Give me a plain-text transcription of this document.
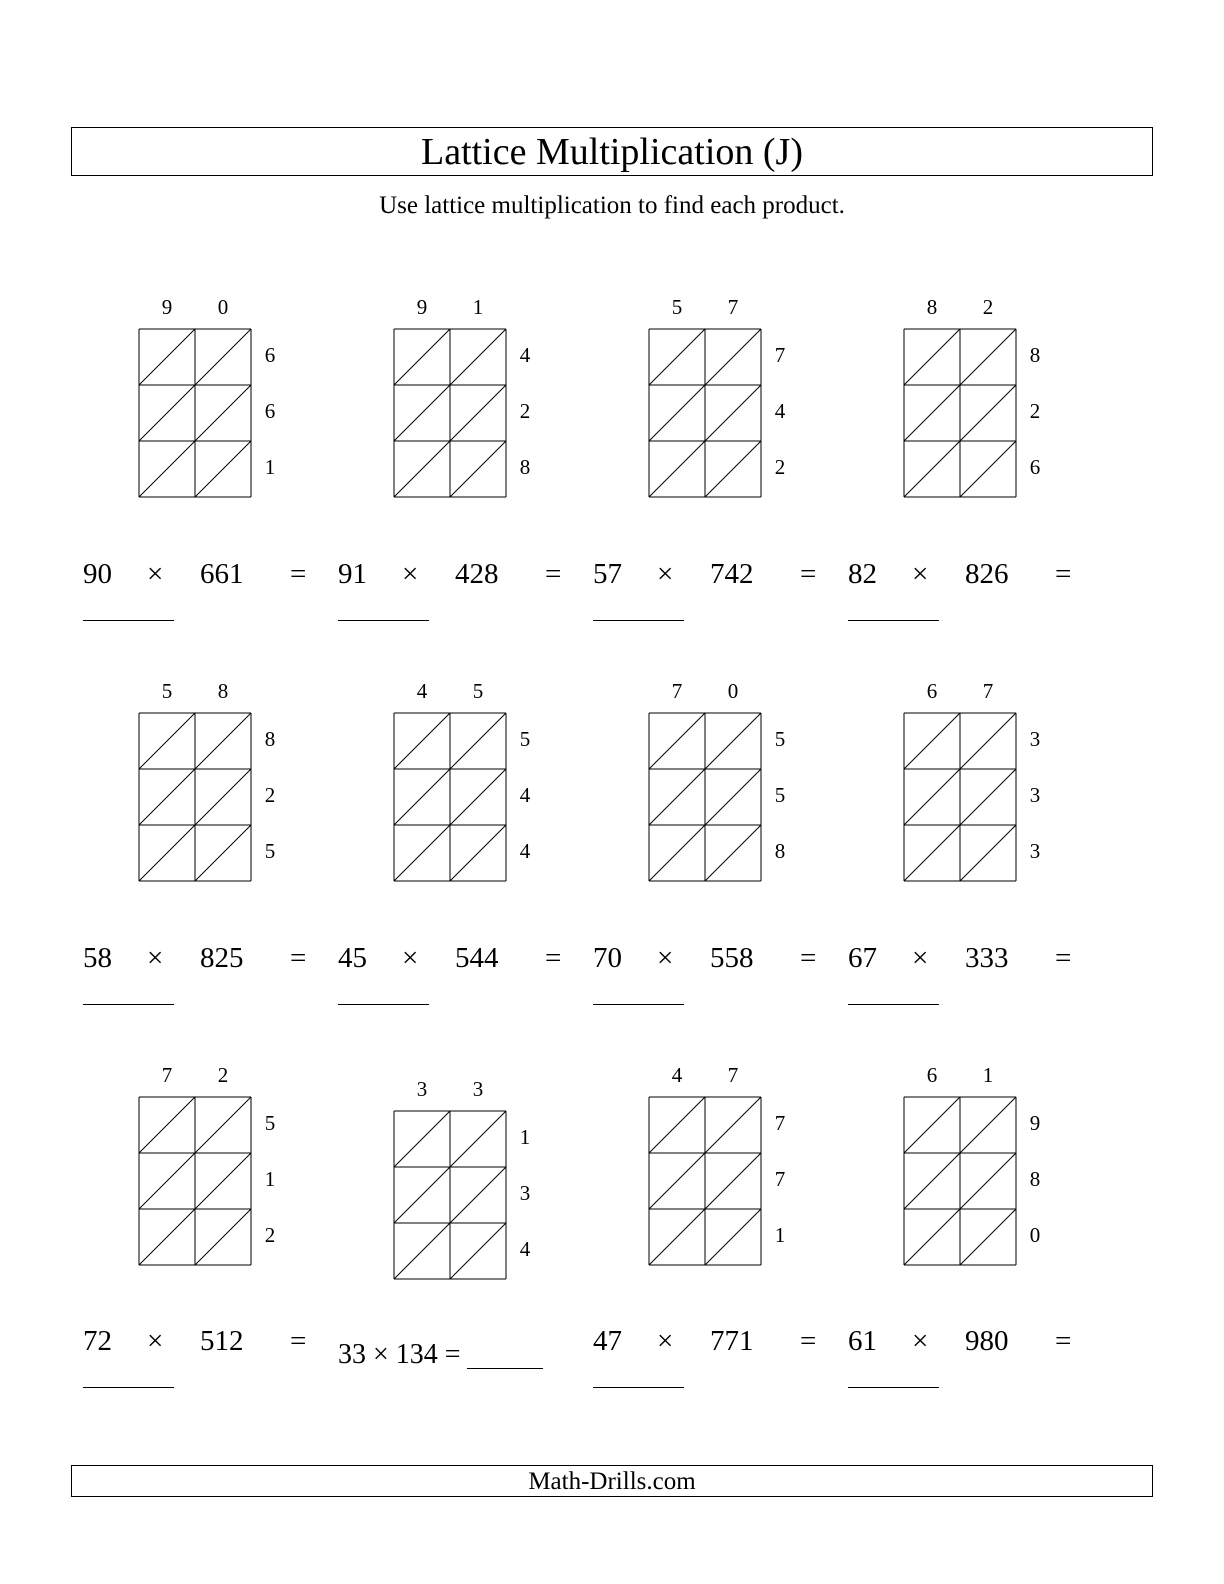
Lattice Multiplication (J)
Use lattice multiplication to find each product.
9	0
6
6
1
90 × 661 =
9	1
4
2
8
91 × 428 =
5	7
7
4
2
57 × 742 =
8	2
8
2
6
82 × 826 =
5	8
8
2
5
58 × 825 =
4	5
5
4
4
45 × 544 =
7	0
5
5
8
70 × 558 =
6	7
3
3
3
67 × 333 =
7	2
5
1
2
72 × 512 =
3	3
1
3
4
33 × 134 =
4	7
7
7
1
47 × 771 =
6	1
9
8
0
61 × 980 =
Math-Drills.com
